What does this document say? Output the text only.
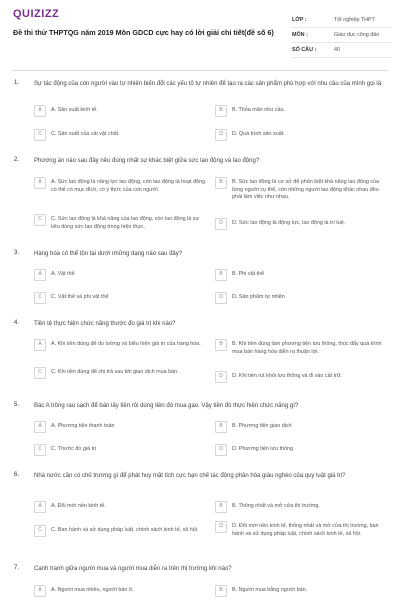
QUIZIZZ
Đề thi thử THPTQG năm 2019 Môn GDCD cực hay có lời giải chi tiết(đề số 6)
LỚP :	Tốt nghiệp THPT
MÔN :	Giáo dục công dân
SỐ CÂU :	40
1. Sự tác động của con người vào tự nhiên biến đổi các yếu tố tự nhiên để tạo ra các sản phẩm phù hợp với nhu cầu của mình gọi là:
A	A. Sản xuất kinh tế.	B	B. Thỏa mãn nhu cầu.
C	C. Sản xuất của cải vật chất.	D	D. Quá trình sản xuất.
2. Phương án nào sau đây nêu đúng nhất sự khác biệt giữa sức lao động và lao động?
A	A. Sức lao động là năng lực lao động, còn lao động là hoạt động có thể có mục đích, có ý thức của con người.
B	B. Sức lao động là cơ sở để phân biệt khả năng lao động của từng người cụ thể, còn những người lao động khác nhau đều phải làm việc như nhau.
C	C. Sức lao động là khả năng của lao động, còn lao động là sự tiêu dùng sức lao động trong hiện thực.
D	D. Sức lao động là động lực, lao động là trí tuệ.
3. Hàng hóa có thể tồn tại dưới những dạng nào sau đây?
A	A. Vật thể	B	B. Phi vật thể
C	C. Vật thể và phi vật thể	D	D. Sản phẩm tự nhiên
4. Tiền tệ thực hiện chức năng thước đo giá trị khi nào?
A	A. Khi tiền dùng để đo lường và biểu hiện giá trị của hàng hóa.	B	B. Khi tiền dùng làm phương tiện lưu thông, thúc đẩy quá trình mua bán hàng hóa diễn ra thuận lợi.
C	C. Khi tiền dùng để chi trả sau khi giao dịch mua bán.
D	D. Khi tiền rút khỏi lưu thông và đi vào cất trữ.
5. Bác A trồng rau sạch để bán lấy tiền rồi dùng tiền đó mua gạo. Vậy tiền đó thực hiện chức năng gì?
A	A. Phương tiện thanh toán	B	B. Phương tiện giao dịch
C	C. Thước đo giá trị	D	D. Phương tiện lưu thông
6. Nhà nước cần có chủ trương gì để phát huy mặt tích cực hạn chế tác động phân hóa giàu nghèo của quy luật giá trị?
A	A. Đổi mới nền kinh tế.	B	B. Thông nhất và mở cửa thị trường.
C	C. Ban hành và sử dụng pháp luật, chính sách kinh tế, xã hội.
D	D. Đổi mới nền kinh tế, thống nhất và mở cửa thị trường, ban hành và sử dụng pháp luật, chính sách kinh tế, xã hội.
7. Cạnh tranh giữa người mua và người mua diễn ra trên thị trường khi nào?
A	A. Người mua nhiều, người bán ít.	B	B. Người mua bằng người bán.
